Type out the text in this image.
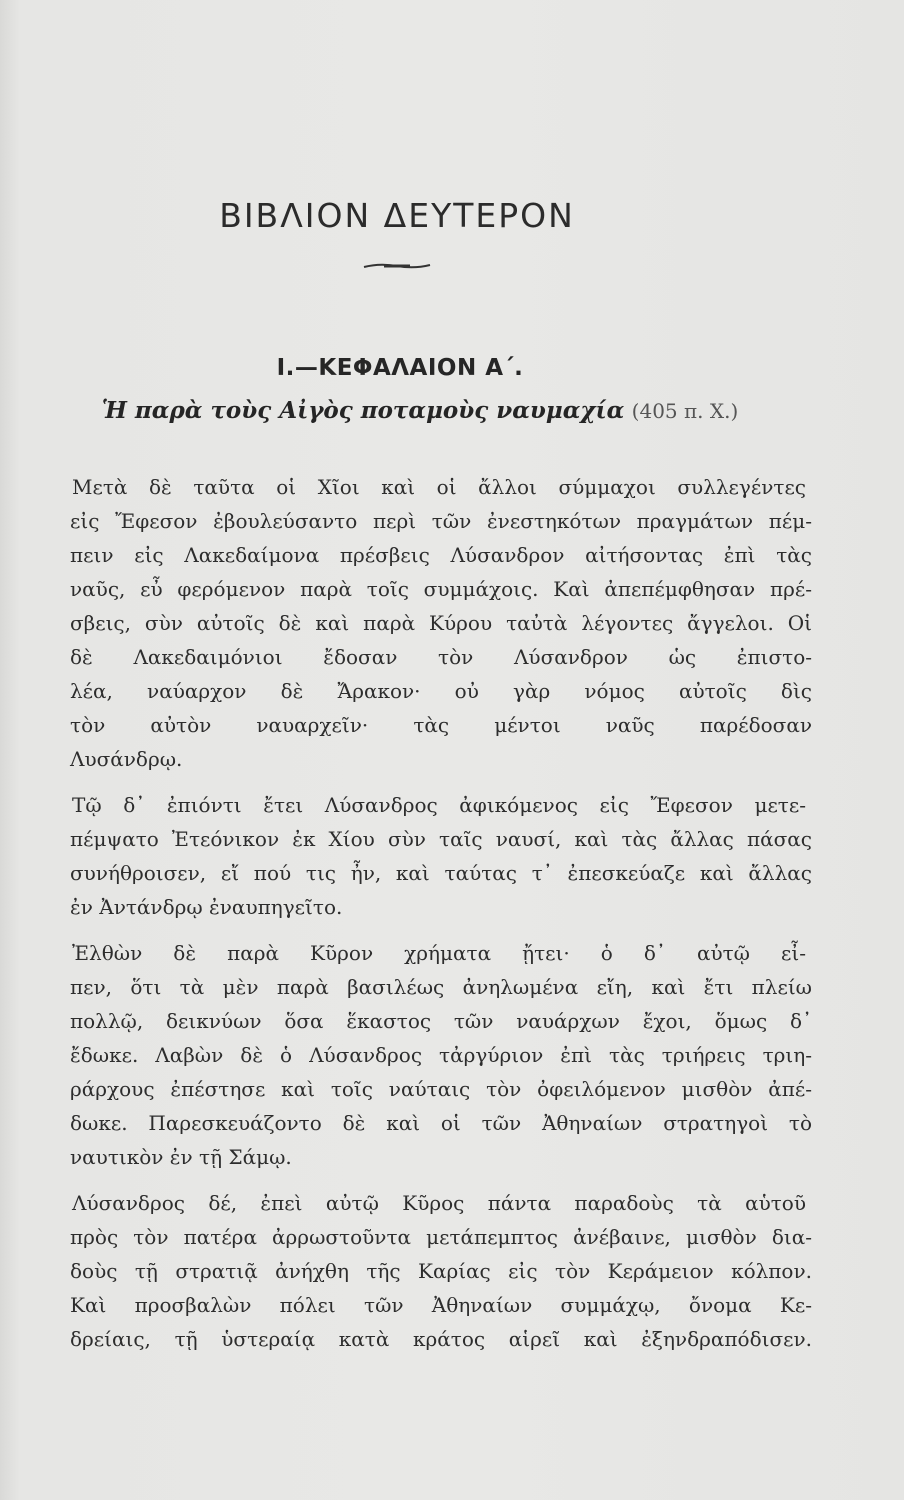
ΒΙΒΛΙΟΝ ΔΕΥΤΕΡΟΝ
Ι.—ΚΕΦΑΛΑΙΟΝ Α΄.

Ἡ παρὰ τοὺς Αἰγὸς ποταμοὺς ναυμαχία (405 π. Χ.)

Μετὰ δὲ ταῦτα οἱ Χῖοι καὶ οἱ ἄλλοι σύμμαχοι συλλεγέντες

εἰς Ἔφεσον ἐβουλεύσαντο περὶ τῶν ἐνεστηκότων πραγμάτων πέμ-

πειν εἰς Λακεδαίμονα πρέσβεις Λύσανδρον αἰτήσοντας ἐπὶ τὰς

ναῦς, εὖ φερόμενον παρὰ τοῖς συμμάχοις. Καὶ ἀπεπέμφθησαν πρέ-

σβεις, σὺν αὐτοῖς δὲ καὶ παρὰ Κύρου ταὐτὰ λέγοντες ἄγγελοι. Οἱ

δὲ Λακεδαιμόνιοι ἔδοσαν τὸν Λύσανδρον ὡς ἐπιστο-

λέα, ναύαρχον δὲ Ἄρακον· οὐ γὰρ νόμος αὐτοῖς δὶς

τὸν αὐτὸν ναυαρχεῖν· τὰς μέντοι ναῦς παρέδοσαν

Λυσάνδρῳ.

Τῷ δ᾿ ἐπιόντι ἔτει Λύσανδρος ἀφικόμενος εἰς Ἔφεσον μετε-

πέμψατο Ἐτεόνικον ἐκ Χίου σὺν ταῖς ναυσί, καὶ τὰς ἄλλας πάσας

συνήθροισεν, εἴ πού τις ἦν, καὶ ταύτας τ᾿ ἐπεσκεύαζε καὶ ἄλλας

ἐν Ἀντάνδρῳ ἐναυπηγεῖτο.

Ἐλθὼν δὲ παρὰ Κῦρον χρήματα ᾔτει· ὁ δ᾿ αὐτῷ εἶ-

πεν, ὅτι τὰ μὲν παρὰ βασιλέως ἀνηλωμένα εἴη, καὶ ἔτι πλείω

πολλῷ, δεικνύων ὅσα ἕκαστος τῶν ναυάρχων ἔχοι, ὅμως δ᾿

ἔδωκε. Λαβὼν δὲ ὁ Λύσανδρος τἀργύριον ἐπὶ τὰς τριήρεις τριη-

ράρχους ἐπέστησε καὶ τοῖς ναύταις τὸν ὀφειλόμενον μισθὸν ἀπέ-

δωκε. Παρεσκευάζοντο δὲ καὶ οἱ τῶν Ἀθηναίων στρατηγοὶ τὸ

ναυτικὸν ἐν τῇ Σάμῳ.

Λύσανδρος δέ, ἐπεὶ αὐτῷ Κῦρος πάντα παραδοὺς τὰ αὑτοῦ

πρὸς τὸν πατέρα ἀρρωστοῦντα μετάπεμπτος ἀνέβαινε, μισθὸν δια-

δοὺς τῇ στρατιᾷ ἀνήχθη τῆς Καρίας εἰς τὸν Κεράμειον κόλπον.

Καὶ προσβαλὼν πόλει τῶν Ἀθηναίων συμμάχῳ, ὄνομα Κε-

δρείαις, τῇ ὑστεραίᾳ κατὰ κράτος αἱρεῖ καὶ ἐξηνδραπόδισεν.
